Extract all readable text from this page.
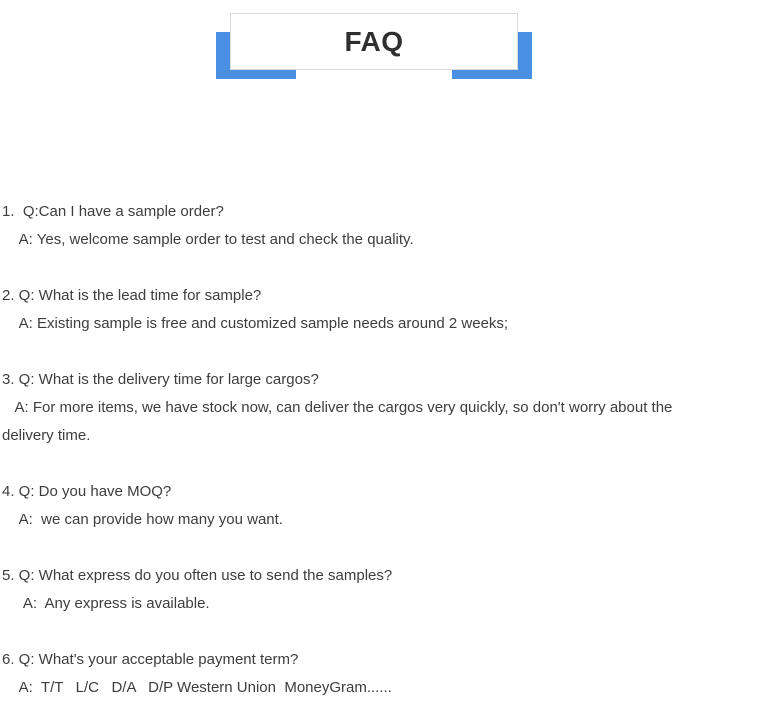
FAQ
1.  Q:Can I have a sample order?
A: Yes, welcome sample order to test and check the quality.
2. Q: What is the lead time for sample?
A: Existing sample is free and customized sample needs around 2 weeks;
3. Q: What is the delivery time for large cargos?
A: For more items, we have stock now, can deliver the cargos very quickly, so don't worry about the
delivery time.
4. Q: Do you have MOQ?
A:  we can provide how many you want.
5. Q: What express do you often use to send the samples?
A:  Any express is available.
6. Q: What's your acceptable payment term?
A:  T/T   L/C   D/A   D/P Western Union  MoneyGram......
